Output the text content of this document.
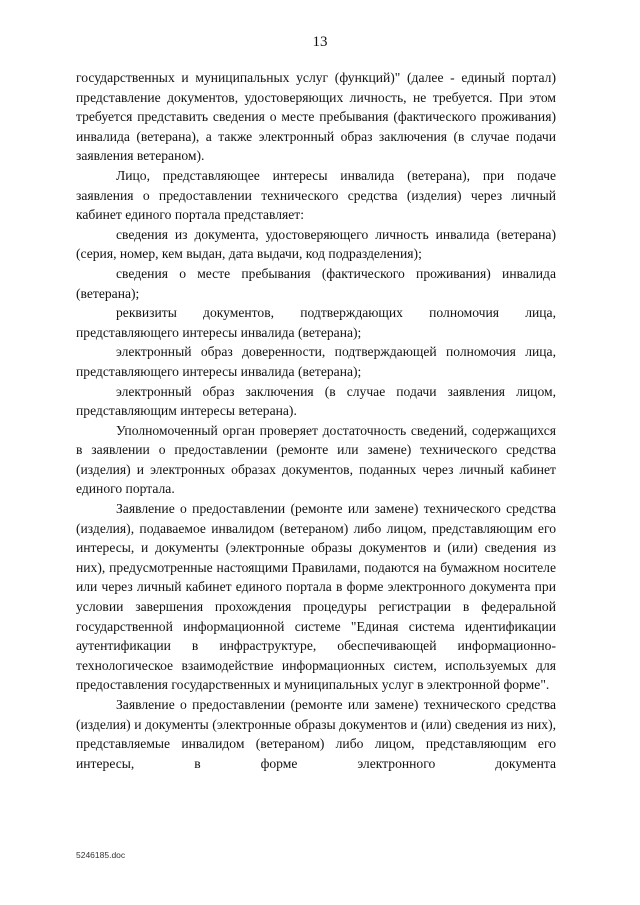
13

государственных и муниципальных услуг (функций)" (далее - единый портал) представление документов, удостоверяющих личность, не требуется. При этом требуется представить сведения о месте пребывания (фактического проживания) инвалида (ветерана), а также электронный образ заключения (в случае подачи заявления ветераном).

Лицо, представляющее интересы инвалида (ветерана), при подаче заявления о предоставлении технического средства (изделия) через личный кабинет единого портала представляет:

сведения из документа, удостоверяющего личность инвалида (ветерана) (серия, номер, кем выдан, дата выдачи, код подразделения);

сведения о месте пребывания (фактического проживания) инвалида (ветерана);

реквизиты документов, подтверждающих полномочия лица, представляющего интересы инвалида (ветерана);

электронный образ доверенности, подтверждающей полномочия лица, представляющего интересы инвалида (ветерана);

электронный образ заключения (в случае подачи заявления лицом, представляющим интересы ветерана).

Уполномоченный орган проверяет достаточность сведений, содержащихся в заявлении о предоставлении (ремонте или замене) технического средства (изделия) и электронных образах документов, поданных через личный кабинет единого портала.

Заявление о предоставлении (ремонте или замене) технического средства (изделия), подаваемое инвалидом (ветераном) либо лицом, представляющим его интересы, и документы (электронные образы документов и (или) сведения из них), предусмотренные настоящими Правилами, подаются на бумажном носителе или через личный кабинет единого портала в форме электронного документа при условии завершения прохождения процедуры регистрации в федеральной государственной информационной системе "Единая система идентификации аутентификации в инфраструктуре, обеспечивающей информационно-технологическое взаимодействие информационных систем, используемых для предоставления государственных и муниципальных услуг в электронной форме".

Заявление о предоставлении (ремонте или замене) технического средства (изделия) и документы (электронные образы документов и (или) сведения из них), представляемые инвалидом (ветераном) либо лицом, представляющим его интересы, в форме электронного документа

5246185.doc
